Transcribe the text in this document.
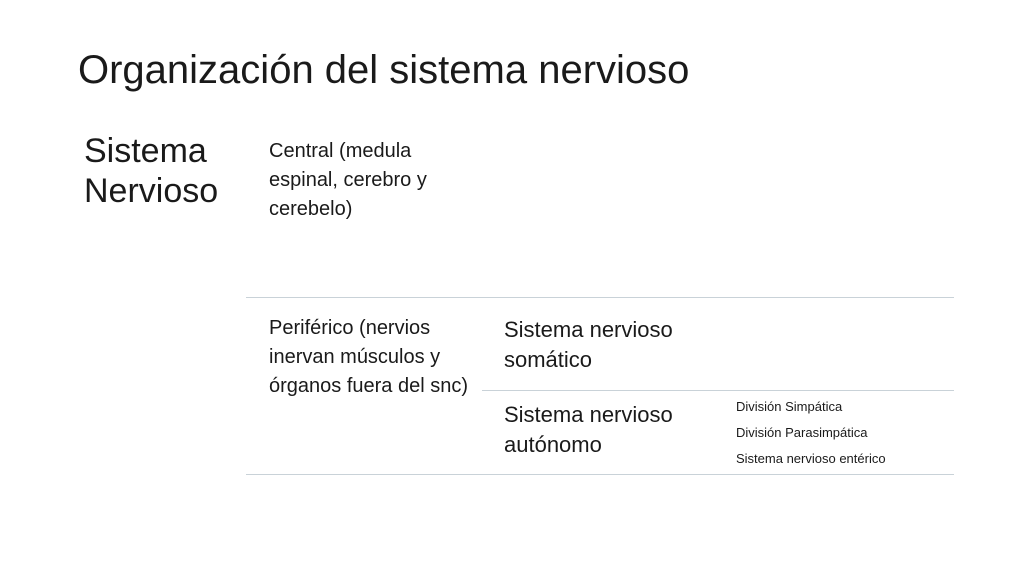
Organización del sistema nervioso
Sistema
Nervioso
Central (medula espinal, cerebro y cerebelo)
Periférico (nervios inervan músculos y órganos fuera del snc)
Sistema nervioso somático
Sistema nervioso autónomo
División Simpática
División Parasimpática
Sistema nervioso entérico
